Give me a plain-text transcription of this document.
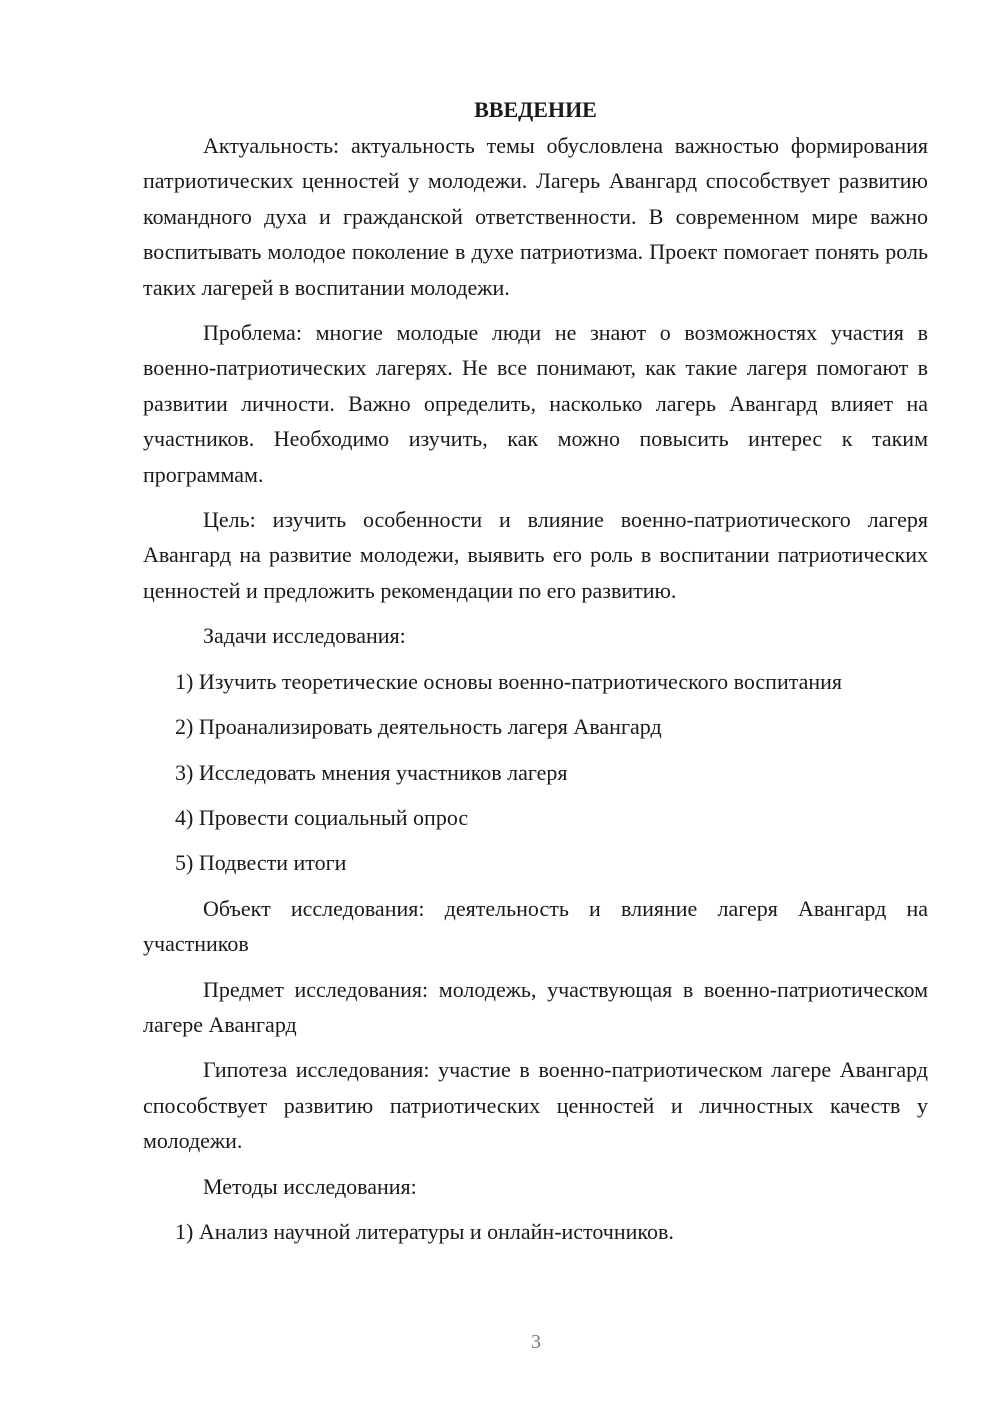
ВВЕДЕНИЕ

Актуальность: актуальность темы обусловлена важностью формирования патриотических ценностей у молодежи. Лагерь Авангард способствует развитию командного духа и гражданской ответственности. В современном мире важно воспитывать молодое поколение в духе патриотизма. Проект помогает понять роль таких лагерей в воспитании молодежи.

Проблема: многие молодые люди не знают о возможностях участия в военно-патриотических лагерях. Не все понимают, как такие лагеря помогают в развитии личности. Важно определить, насколько лагерь Авангард влияет на участников. Необходимо изучить, как можно повысить интерес к таким программам.

Цель: изучить особенности и влияние военно-патриотического лагеря Авангард на развитие молодежи, выявить его роль в воспитании патриотических ценностей и предложить рекомендации по его развитию.

Задачи исследования:

1) Изучить теоретические основы военно-патриотического воспитания

2) Проанализировать деятельность лагеря Авангард

3) Исследовать мнения участников лагеря

4) Провести социальный опрос

5) Подвести итоги

Объект исследования: деятельность и влияние лагеря Авангард на участников

Предмет исследования: молодежь, участвующая в военно-патриотическом лагере Авангард

Гипотеза исследования: участие в военно-патриотическом лагере Авангард способствует развитию патриотических ценностей и личностных качеств у молодежи.

Методы исследования:

1) Анализ научной литературы и онлайн-источников.

3
